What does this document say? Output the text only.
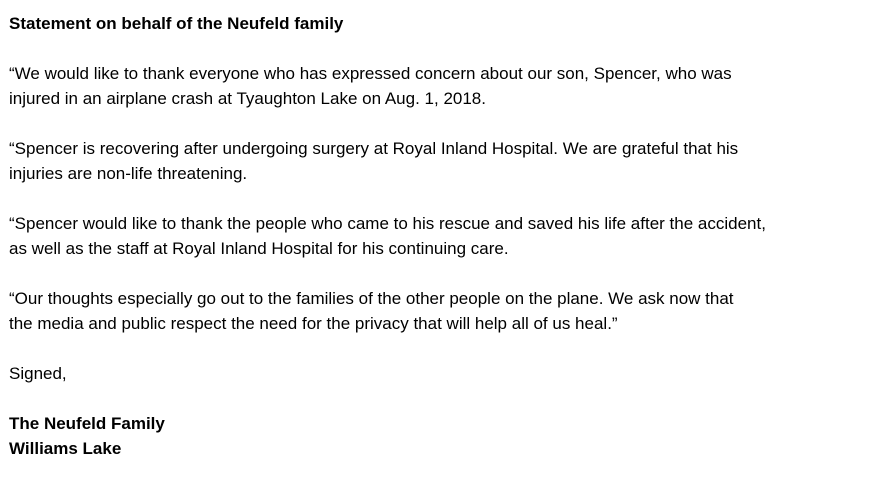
Statement on behalf of the Neufeld family

“We would like to thank everyone who has expressed concern about our son, Spencer, who was

injured in an airplane crash at Tyaughton Lake on Aug. 1, 2018.

“Spencer is recovering after undergoing surgery at Royal Inland Hospital. We are grateful that his

injuries are non-life threatening.

“Spencer would like to thank the people who came to his rescue and saved his life after the accident,

as well as the staff at Royal Inland Hospital for his continuing care.

“Our thoughts especially go out to the families of the other people on the plane. We ask now that

the media and public respect the need for the privacy that will help all of us heal.”

Signed,

The Neufeld Family

Williams Lake
